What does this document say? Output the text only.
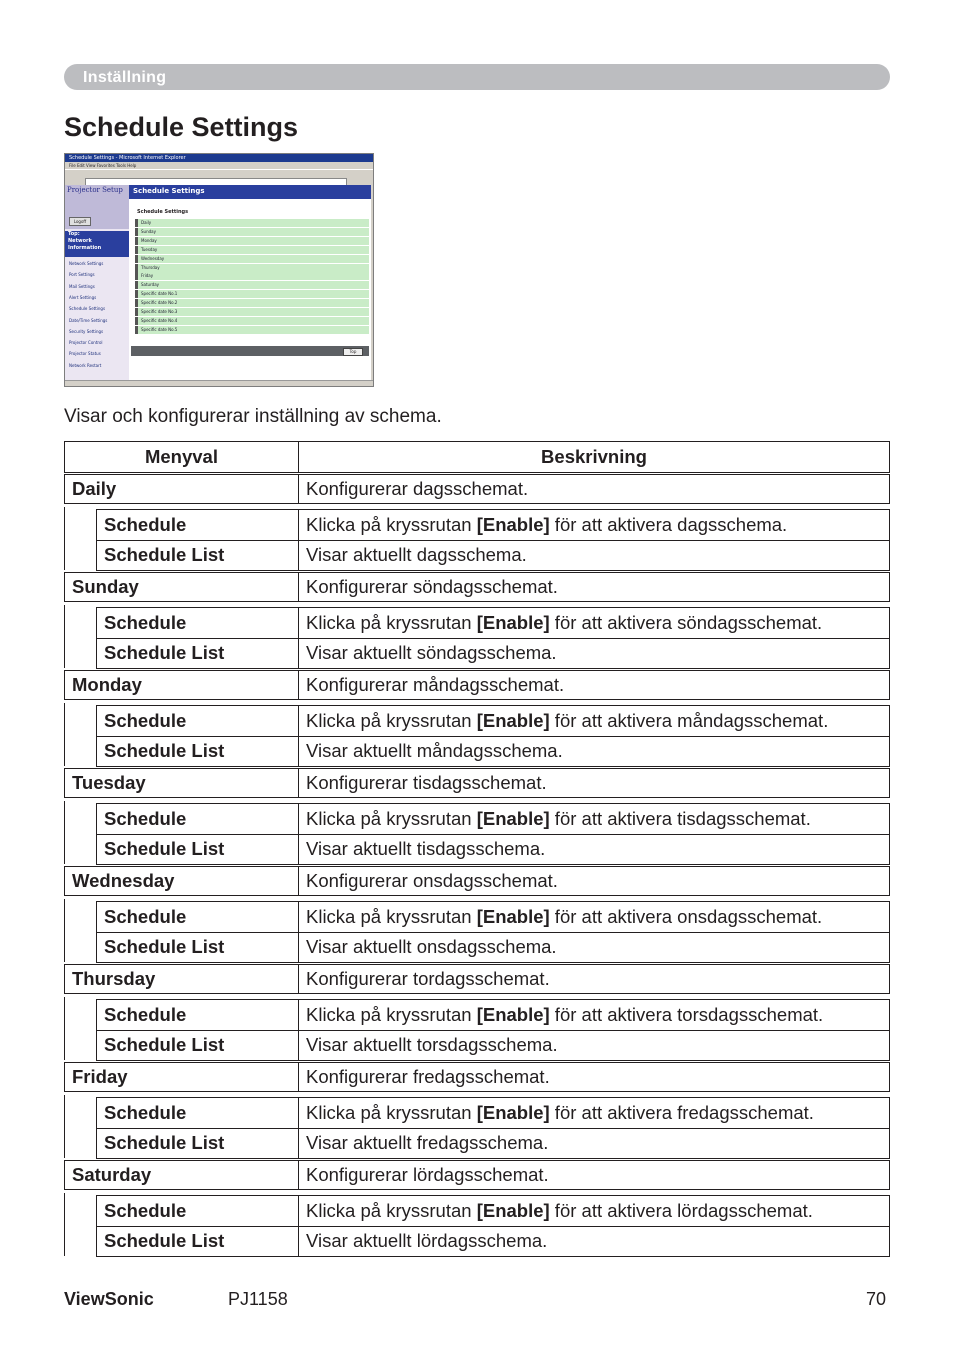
Inställning
Schedule Settings
Schedule Settings - Microsoft Internet Explorer
File Edit View Favorites Tools Help
Projector Setup
Logoff
Top:
Network
Information
Network Settings
Port Settings
Mail Settings
Alert Settings
Schedule Settings
Date/Time Settings
Security Settings
Projector Control
Projector Status
Network Restart
Schedule Settings
Schedule Settings
Daily
Sunday
Monday
Tuesday
Wednesday
Thursday
Friday
Saturday
Specific date No.1
Specific date No.2
Specific date No.3
Specific date No.4
Specific date No.5
Top

Visar och konfigurerar inställning av schema.

Menyval	Beskrivning
Daily	Konfigurerar dagsschemat.
Schedule	Klicka på kryssrutan [Enable] för att aktivera dagsschema.
Schedule List	Visar aktuellt dagsschema.
Sunday	Konfigurerar söndagsschemat.
Schedule	Klicka på kryssrutan [Enable] för att aktivera söndagsschemat.
Schedule List	Visar aktuellt söndagsschema.
Monday	Konfigurerar måndagsschemat.
Schedule	Klicka på kryssrutan [Enable] för att aktivera måndagsschemat.
Schedule List	Visar aktuellt måndagsschema.
Tuesday	Konfigurerar tisdagsschemat.
Schedule	Klicka på kryssrutan [Enable] för att aktivera tisdagsschemat.
Schedule List	Visar aktuellt tisdagsschema.
Wednesday	Konfigurerar onsdagsschemat.
Schedule	Klicka på kryssrutan [Enable] för att aktivera onsdagsschemat.
Schedule List	Visar aktuellt onsdagsschema.
Thursday	Konfigurerar tordagsschemat.
Schedule	Klicka på kryssrutan [Enable] för att aktivera torsdagsschemat.
Schedule List	Visar aktuellt torsdagsschema.
Friday	Konfigurerar fredagsschemat.
Schedule	Klicka på kryssrutan [Enable] för att aktivera fredagsschemat.
Schedule List	Visar aktuellt fredagsschema.
Saturday	Konfigurerar lördagsschemat.
Schedule	Klicka på kryssrutan [Enable] för att aktivera lördagsschemat.
Schedule List	Visar aktuellt lördagsschema.
ViewSonic	PJ1158	70
